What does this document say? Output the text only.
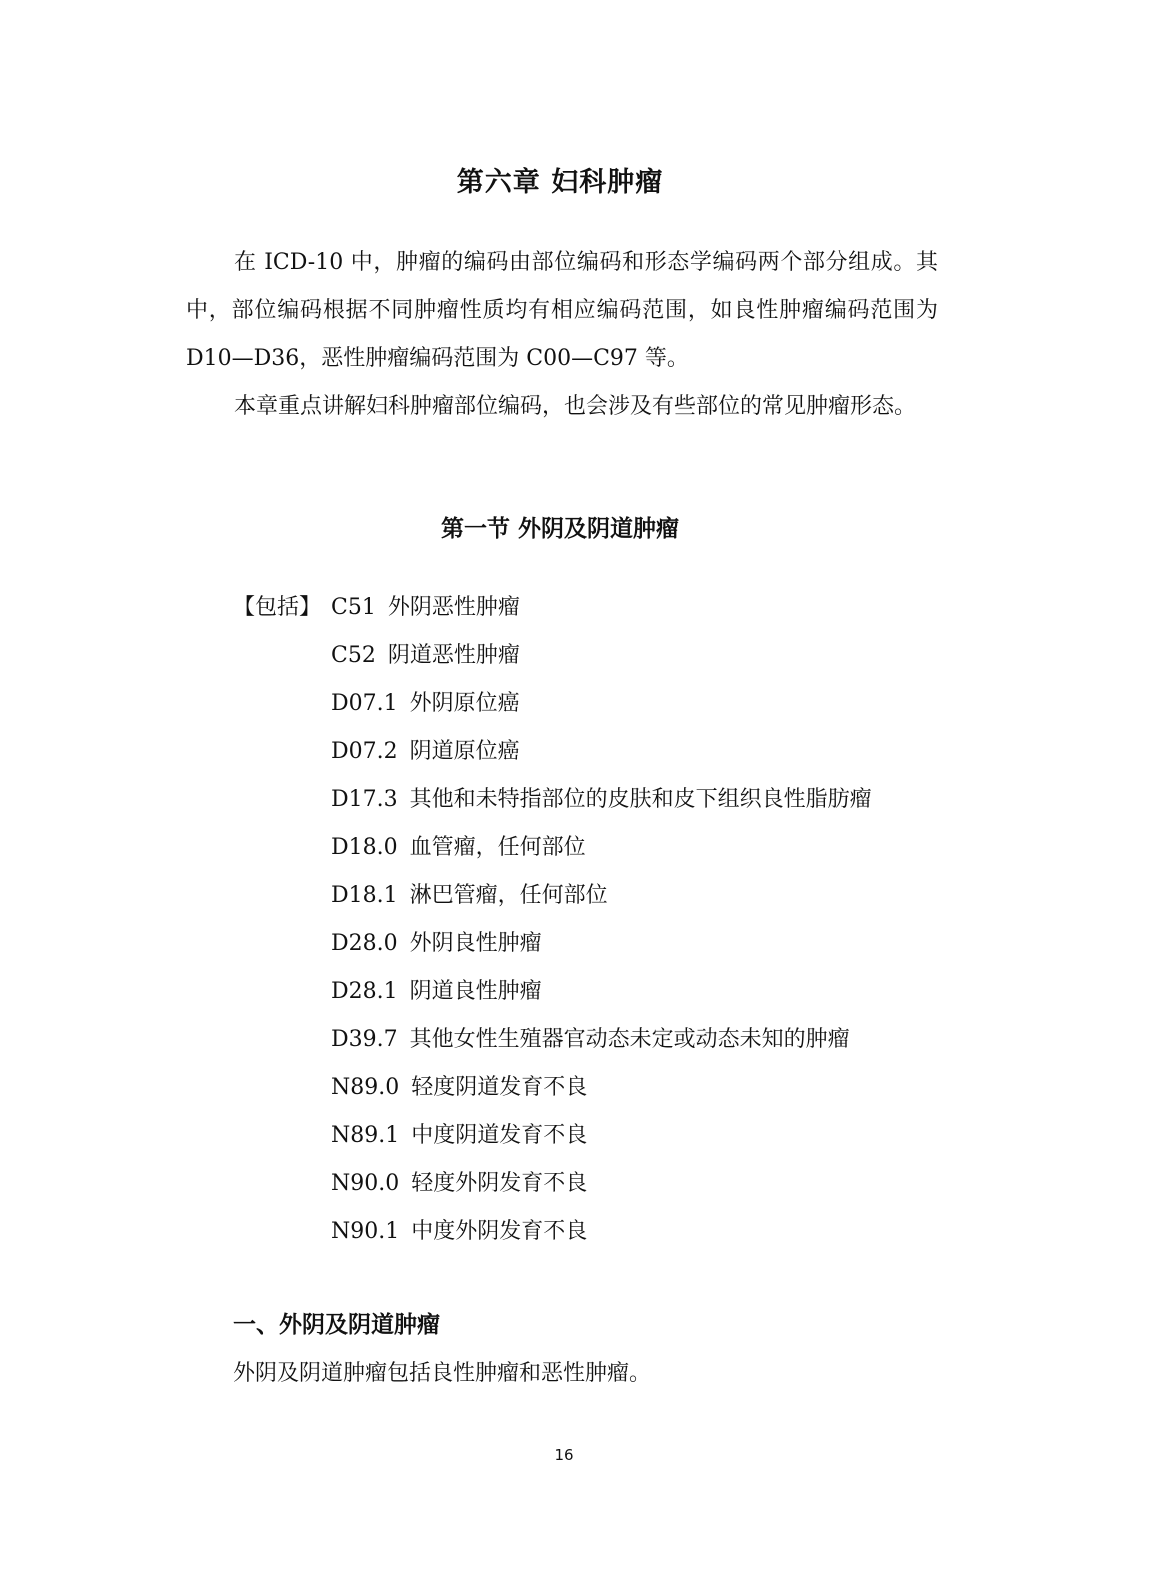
第六章 妇科肿瘤

在 ICD-10 中，肿瘤的编码由部位编码和形态学编码两个部分组成。其中，部位编码根据不同肿瘤性质均有相应编码范围，如良性肿瘤编码范围为 D10—D36，恶性肿瘤编码范围为 C00—C97 等。

本章重点讲解妇科肿瘤部位编码，也会涉及有些部位的常见肿瘤形态。

第一节 外阴及阴道肿瘤
【包括】 C51 外阴恶性肿瘤
C52 阴道恶性肿瘤
D07.1 外阴原位癌
D07.2 阴道原位癌
D17.3 其他和未特指部位的皮肤和皮下组织良性脂肪瘤
D18.0 血管瘤，任何部位
D18.1 淋巴管瘤，任何部位
D28.0 外阴良性肿瘤
D28.1 阴道良性肿瘤
D39.7 其他女性生殖器官动态未定或动态未知的肿瘤
N89.0 轻度阴道发育不良
N89.1 中度阴道发育不良
N90.0 轻度外阴发育不良
N90.1 中度外阴发育不良
一、外阴及阴道肿瘤
外阴及阴道肿瘤包括良性肿瘤和恶性肿瘤。
16
